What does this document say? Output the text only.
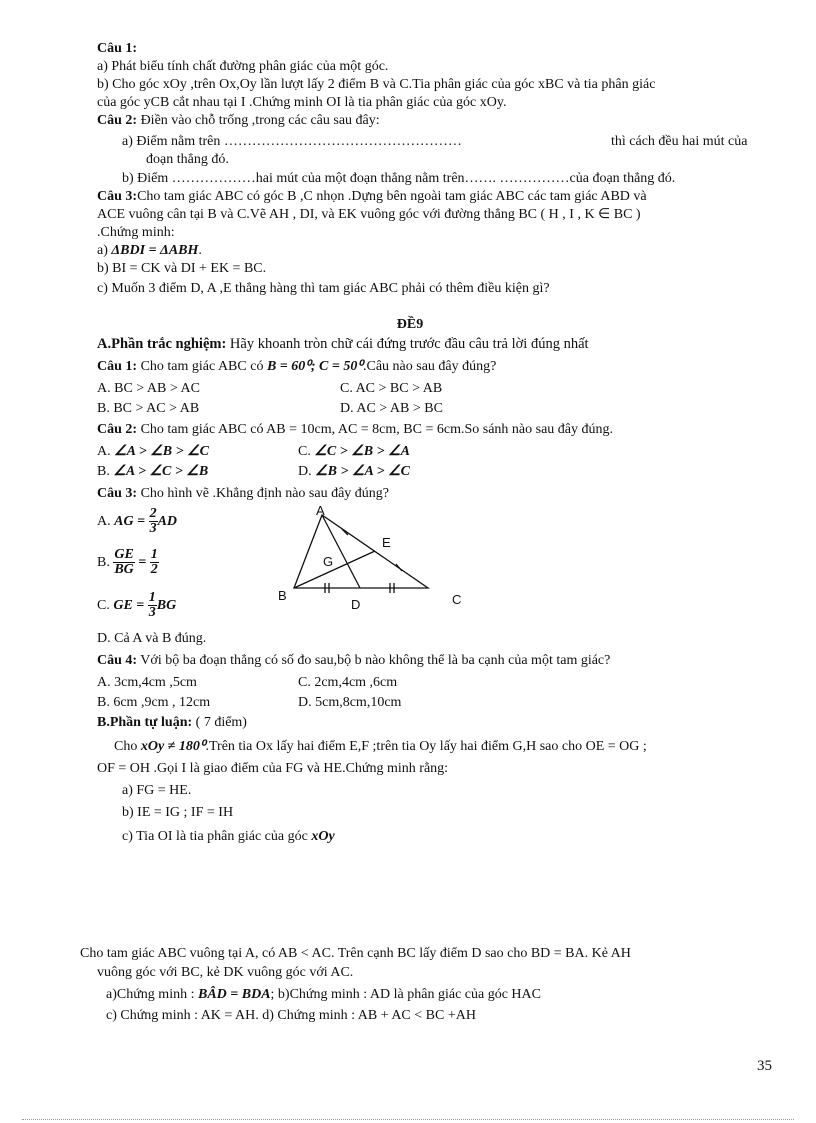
Câu 1:
a) Phát biểu tính chất đường phân giác của một góc.
b) Cho góc xOy ,trên Ox,Oy lần lượt lấy 2 điểm B và C.Tia phân giác của góc xBC và tia phân giác
của góc yCB cắt nhau tại I .Chứng minh OI là tia phân giác của góc xOy.
Câu 2: Điền vào chỗ trống ,trong các câu sau đây:
a) Điểm nằm trên ……………………………………………	thì cách đều hai mút của
đoạn thẳng đó.
b) Điểm ………………hai mút của một đoạn thẳng nằm trên……. ……………của đoạn thẳng đó.
Câu 3:Cho tam giác ABC có góc B ,C nhọn .Dựng bên ngoài tam giác ABC các tam giác ABD và
ACE vuông cân tại B và C.Vẽ AH , DI, và EK vuông góc với đường thẳng BC ( H , I , K ∈ BC )
.Chứng minh:
a) ΔBDI = ΔABH.
b) BI = CK và DI + EK = BC.
c) Muốn 3 điểm D, A ,E thẳng hàng thì tam giác ABC phải có thêm điều kiện gì?
ĐỀ9
A.Phần trắc nghiệm: Hãy khoanh tròn chữ cái đứng trước đầu câu trả lời đúng nhất
Câu 1: Cho tam giác ABC có B = 60⁰; C = 50⁰.Câu nào sau đây đúng?
A. BC > AB > AC	C. AC > BC > AB
B. BC > AC > AB	D. AC > AB > BC
Câu 2: Cho tam giác ABC có AB = 10cm, AC = 8cm, BC = 6cm.So sánh nào sau đây đúng.
A. ∠A > ∠B > ∠C	C. ∠C > ∠B > ∠A
B. ∠A > ∠C > ∠B	D. ∠B > ∠A > ∠C
Câu 3: Cho hình vẽ .Khẳng định nào sau đây đúng?
A. AG = $\frac{2}{3}$ AD
B. $\frac{GE}{BG} = \frac{1}{2}$
C. GE = $\frac{1}{3}$ BG
D. Cả A và B đúng.
A
B	C
D
E
G
Câu 4: Với bộ ba đoạn thẳng có số đo sau,bộ b nào không thể là ba cạnh của một tam giác?
A. 3cm,4cm ,5cm	C. 2cm,4cm ,6cm
B. 6cm ,9cm , 12cm	D. 5cm,8cm,10cm
B.Phần tự luận: ( 7 điểm)
Cho xOy ≠ 180⁰.Trên tia Ox lấy hai điểm E,F ;trên tia Oy lấy hai điểm G,H sao cho OE = OG ;
OF = OH .Gọi I là giao điểm của FG và HE.Chứng minh rằng:
a) FG = HE.
b) IE = IG ; IF = IH
c) Tia OI là tia phân giác của góc xOy
Cho tam giác ABC vuông tại A, có AB < AC. Trên cạnh BC lấy điểm D sao cho BD = BA. Kẻ AH
vuông góc với BC, kẻ DK vuông góc với AC.
a)Chứng minh : BÂD = BDA; b)Chứng minh : AD là phân giác của góc HAC
c) Chứng minh : AK = AH. d) Chứng minh : AB + AC < BC +AH
35
